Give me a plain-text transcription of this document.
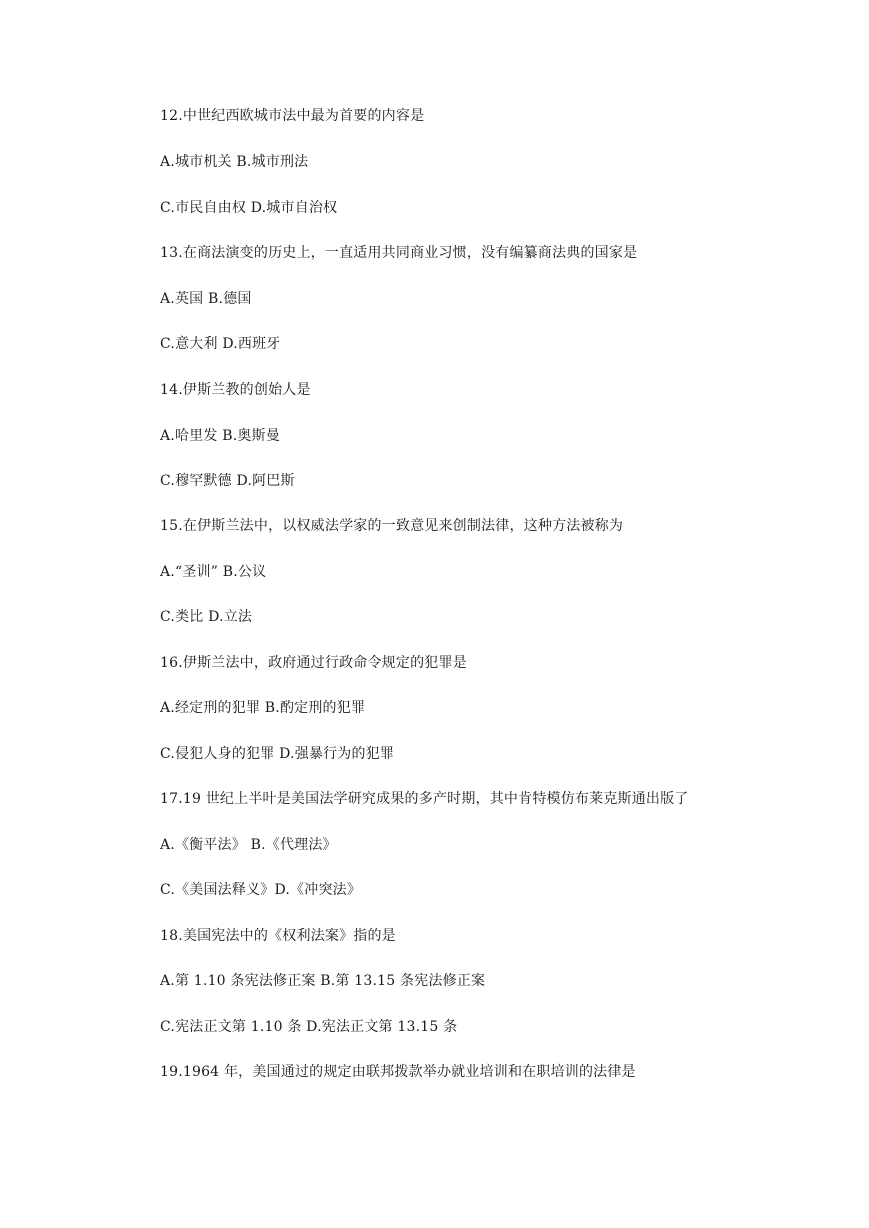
12.中世纪西欧城市法中最为首要的内容是
A.城市机关 B.城市刑法
C.市民自由权 D.城市自治权
13.在商法演变的历史上，一直适用共同商业习惯，没有编纂商法典的国家是
A.英国 B.德国
C.意大利 D.西班牙
14.伊斯兰教的创始人是
A.哈里发 B.奥斯曼
C.穆罕默德 D.阿巴斯
15.在伊斯兰法中，以权威法学家的一致意见来创制法律，这种方法被称为
A.“圣训” B.公议
C.类比 D.立法
16.伊斯兰法中，政府通过行政命令规定的犯罪是
A.经定刑的犯罪 B.酌定刑的犯罪
C.侵犯人身的犯罪 D.强暴行为的犯罪
17.19 世纪上半叶是美国法学研究成果的多产时期，其中肯特模仿布莱克斯通出版了
A.《衡平法》 B.《代理法》
C.《美国法释义》D.《冲突法》
18.美国宪法中的《权利法案》指的是
A.第 1.10 条宪法修正案 B.第 13.15 条宪法修正案
C.宪法正文第 1.10 条 D.宪法正文第 13.15 条
19.1964 年，美国通过的规定由联邦拨款举办就业培训和在职培训的法律是
